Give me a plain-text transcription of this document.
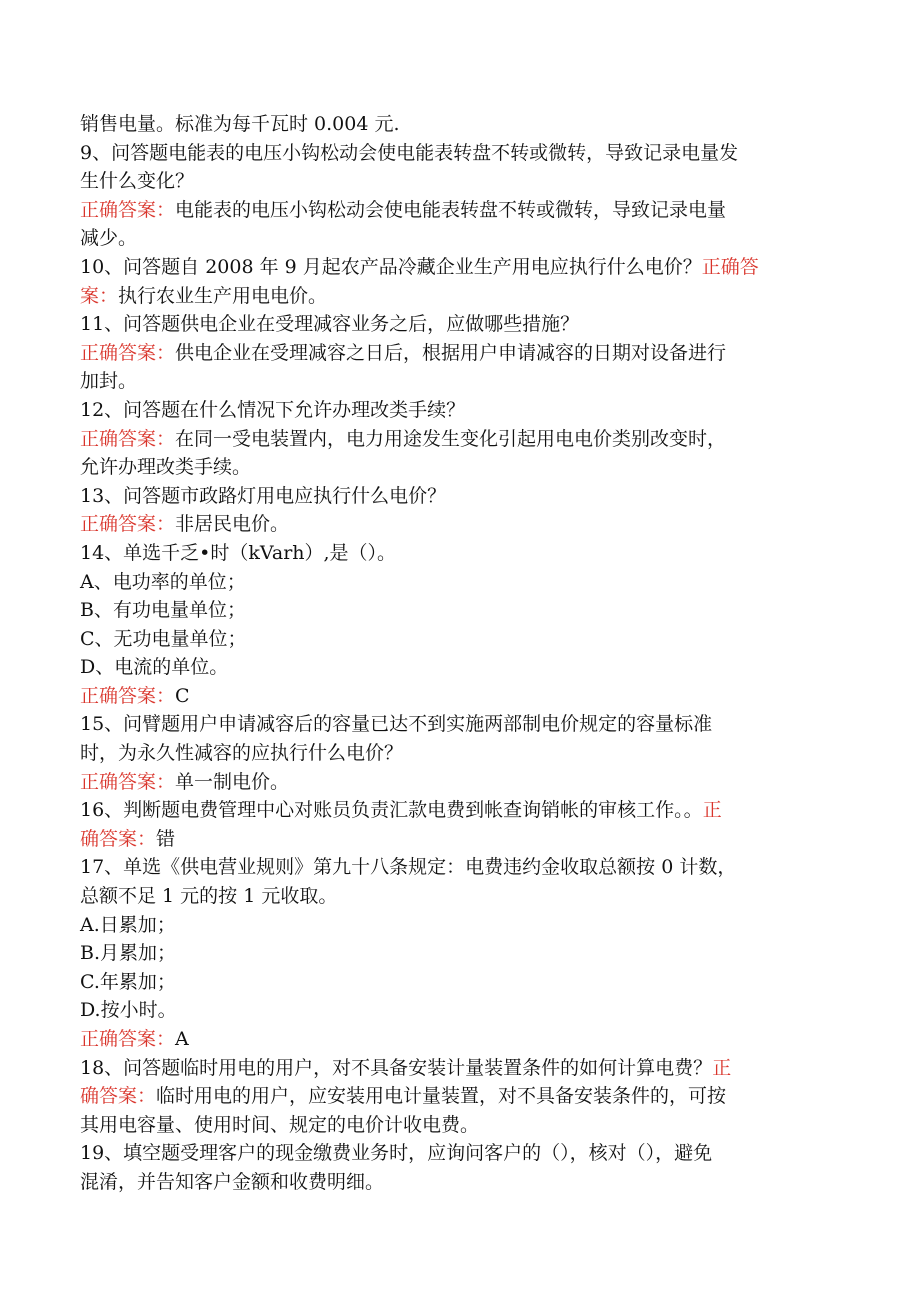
销售电量。标准为每千瓦时 0.004 元.
9、问答题电能表的电压小钩松动会使电能表转盘不转或微转，导致记录电量发
生什么变化？
正确答案：电能表的电压小钩松动会使电能表转盘不转或微转，导致记录电量
减少。
10、问答题自 2008 年 9 月起农产品冷藏企业生产用电应执行什么电价？正确答
案：执行农业生产用电电价。
11、问答题供电企业在受理减容业务之后，应做哪些措施？
正确答案：供电企业在受理减容之日后，根据用户申请减容的日期对设备进行
加封。
12、问答题在什么情况下允许办理改类手续？
正确答案：在同一受电装置内，电力用途发生变化引起用电电价类别改变时，
允许办理改类手续。
13、问答题市政路灯用电应执行什么电价？
正确答案：非居民电价。
14、单选千乏•时（kVarh）,是（）。
A、电功率的单位；
B、有功电量单位；
C、无功电量单位；
D、电流的单位。
正确答案：C
15、问臂题用户申请减容后的容量已达不到实施两部制电价规定的容量标准
时，为永久性减容的应执行什么电价？
正确答案：单一制电价。
16、判断题电费管理中心对账员负责汇款电费到帐查询销帐的审核工作。。正
确答案：错
17、单选《供电营业规则》第九十八条规定：电费违约金收取总额按 0 计数，
总额不足 1 元的按 1 元收取。
A.日累加；
B.月累加；
C.年累加；
D.按小时。
正确答案：A
18、问答题临时用电的用户，对不具备安装计量装置条件的如何计算电费？正
确答案：临时用电的用户，应安装用电计量装置，对不具备安装条件的，可按
其用电容量、使用时间、规定的电价计收电费。
19、填空题受理客户的现金缴费业务时，应询问客户的（），核对（），避免
混淆，并告知客户金额和收费明细。
